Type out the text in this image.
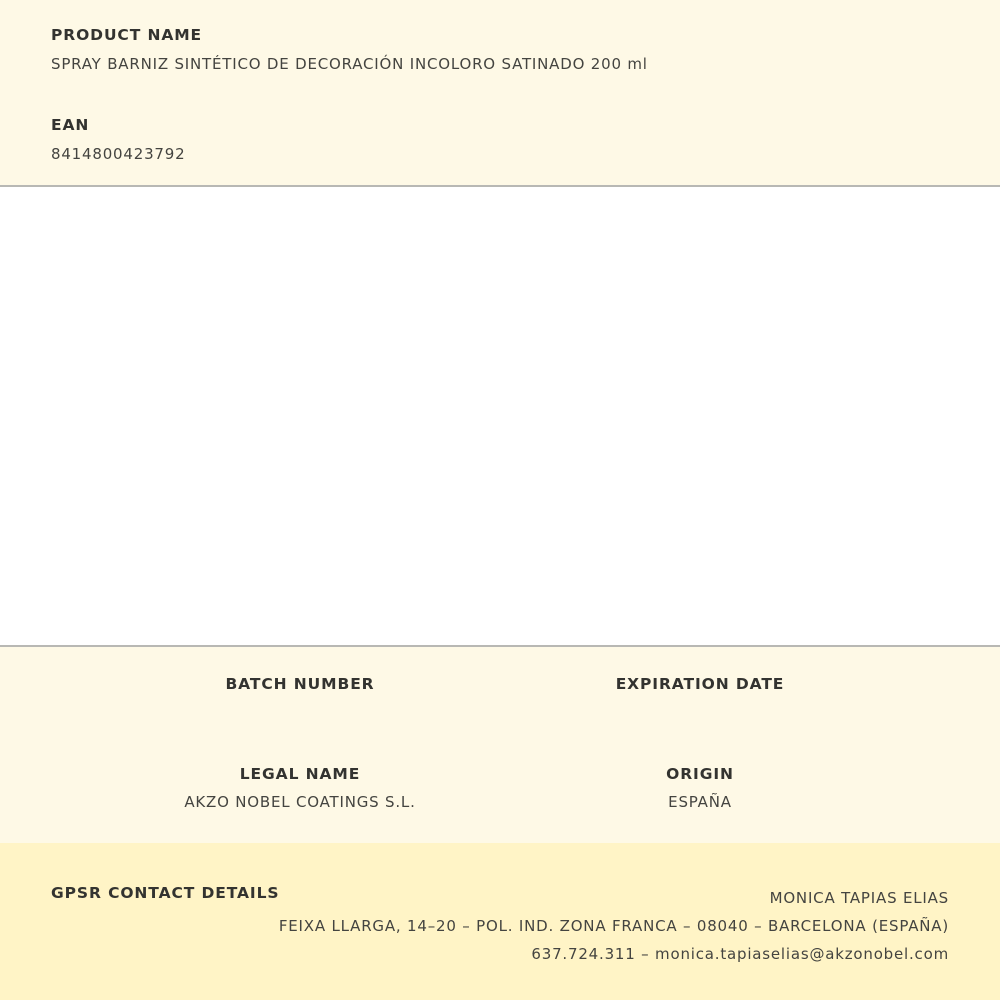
PRODUCT NAME
SPRAY BARNIZ SINTÉTICO DE DECORACIÓN INCOLORO SATINADO 200 ml
EAN
8414800423792
BATCH NUMBER	EXPIRATION DATE
LEGAL NAME
AKZO NOBEL COATINGS S.L.
ORIGIN
ESPAÑA
GPSR CONTACT DETAILS	MONICA TAPIAS ELIAS
FEIXA LLARGA, 14–20 – POL. IND. ZONA FRANCA – 08040 – BARCELONA (ESPAÑA)
637.724.311 – monica.tapiaselias@akzonobel.com
